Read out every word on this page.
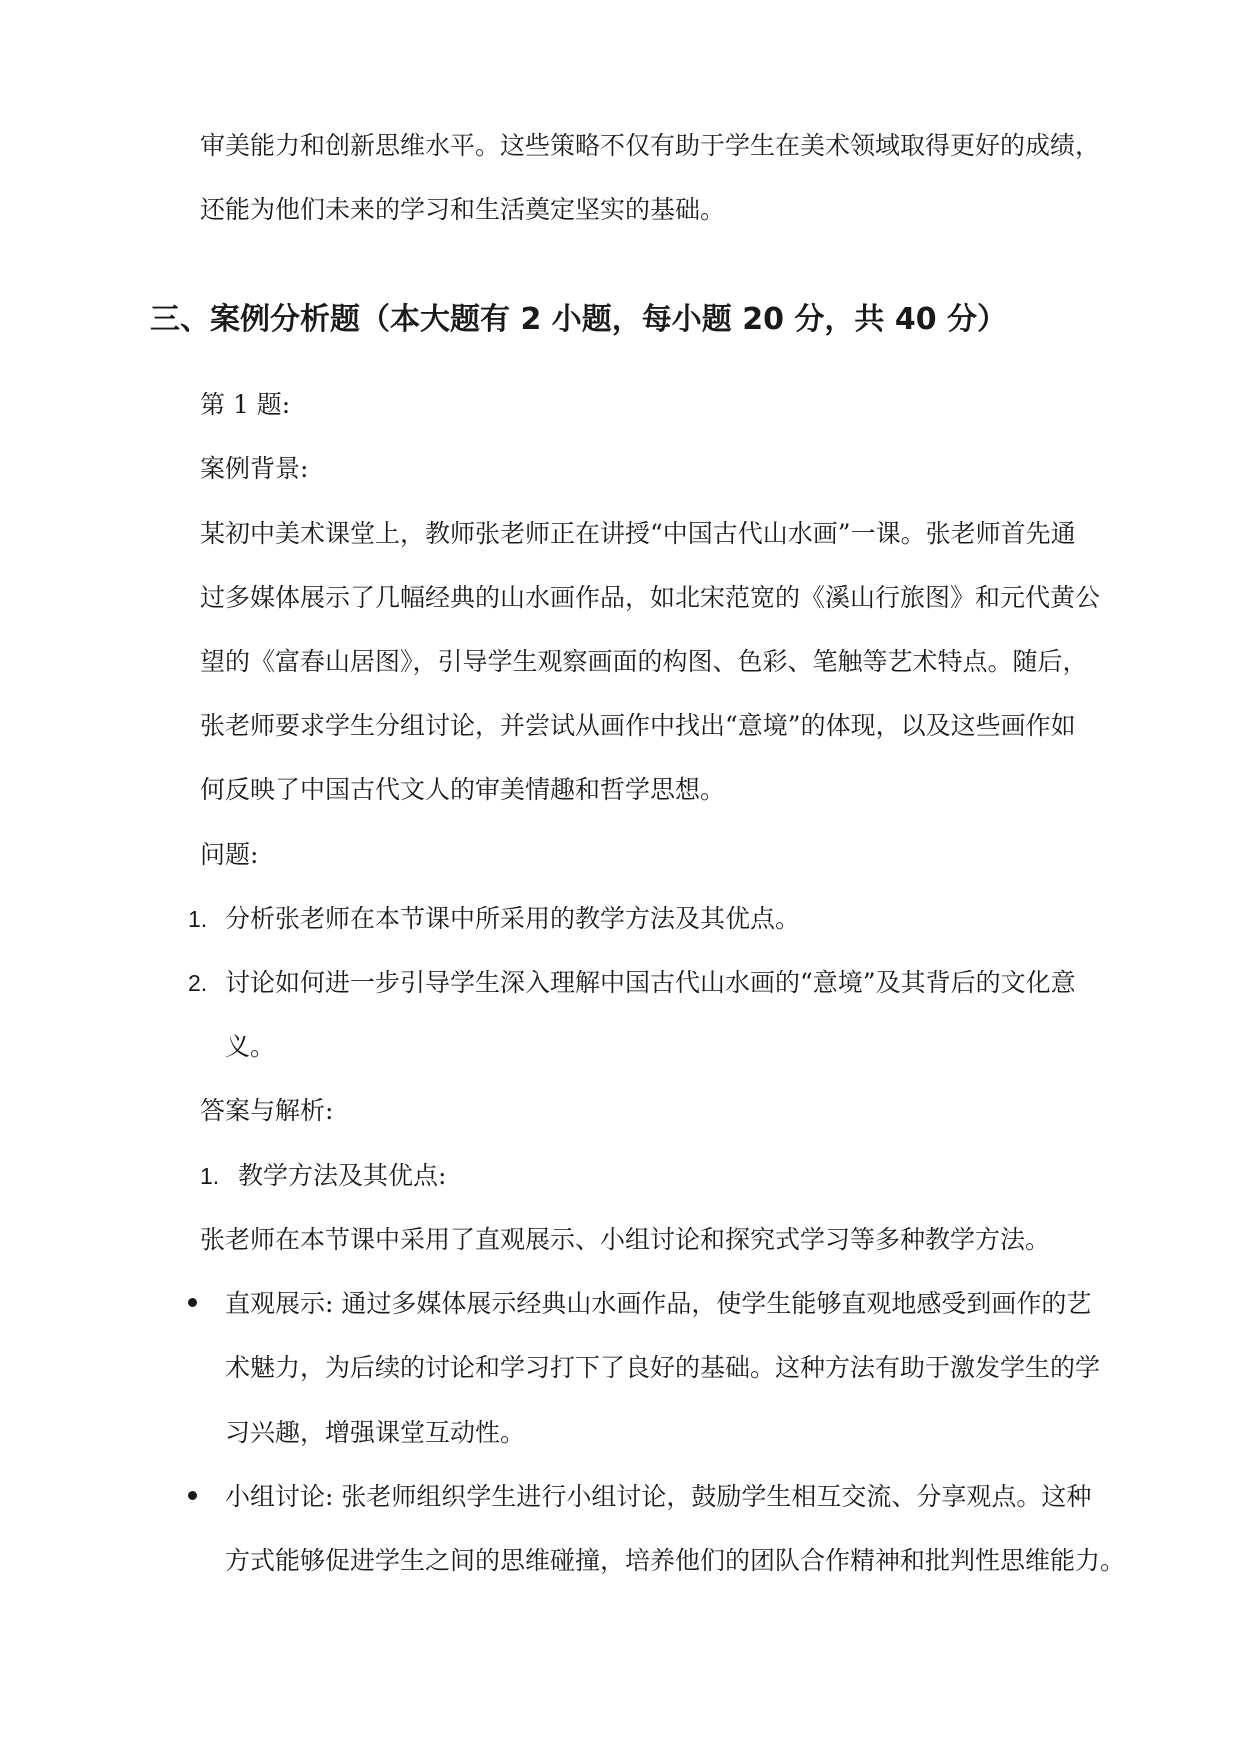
审美能力和创新思维水平。这些策略不仅有助于学生在美术领域取得更好的成绩，
还能为他们未来的学习和生活奠定坚实的基础。
三、案例分析题（本大题有 2 小题，每小题 20 分，共 40 分）
第 1 题:
案例背景:
某初中美术课堂上，教师张老师正在讲授“中国古代山水画”一课。张老师首先通
过多媒体展示了几幅经典的山水画作品，如北宋范宽的《溪山行旅图》和元代黄公
望的《富春山居图》，引导学生观察画面的构图、色彩、笔触等艺术特点。随后，
张老师要求学生分组讨论，并尝试从画作中找出“意境”的体现，以及这些画作如
何反映了中国古代文人的审美情趣和哲学思想。
问题:
1. 分析张老师在本节课中所采用的教学方法及其优点。
2. 讨论如何进一步引导学生深入理解中国古代山水画的“意境”及其背后的文化意
义。
答案与解析:
1. 教学方法及其优点:
张老师在本节课中采用了直观展示、小组讨论和探究式学习等多种教学方法。
直观展示: 通过多媒体展示经典山水画作品，使学生能够直观地感受到画作的艺
术魅力，为后续的讨论和学习打下了良好的基础。这种方法有助于激发学生的学
习兴趣，增强课堂互动性。
小组讨论: 张老师组织学生进行小组讨论，鼓励学生相互交流、分享观点。这种
方式能够促进学生之间的思维碰撞，培养他们的团队合作精神和批判性思维能力。
